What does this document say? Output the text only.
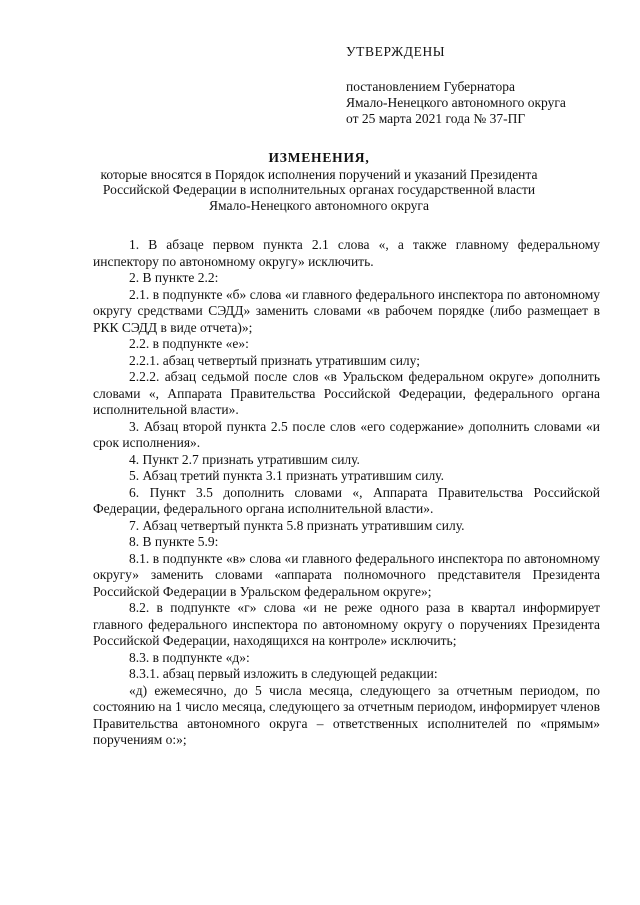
УТВЕРЖДЕНЫ
постановлением Губернатора
Ямало-Ненецкого автономного округа
от 25 марта 2021 года № 37-ПГ
ИЗМЕНЕНИЯ,
которые вносятся в Порядок исполнения поручений и указаний Президента
Российской Федерации в исполнительных органах государственной власти
Ямало-Ненецкого автономного округа

1. В абзаце первом пункта 2.1 слова «, а также главному федеральному инспектору по автономному округу» исключить.

2. В пункте 2.2:

2.1. в подпункте «б» слова «и главного федерального инспектора по автономному округу средствами СЭДД» заменить словами «в рабочем порядке (либо размещает в РКК СЭДД в виде отчета)»;

2.2. в подпункте «е»:

2.2.1. абзац четвертый признать утратившим силу;

2.2.2. абзац седьмой после слов «в Уральском федеральном округе» дополнить словами «, Аппарата Правительства Российской Федерации, федерального органа исполнительной власти».

3. Абзац второй пункта 2.5 после слов «его содержание» дополнить словами «и срок исполнения».

4. Пункт 2.7 признать утратившим силу.

5. Абзац третий пункта 3.1 признать утратившим силу.

6. Пункт 3.5 дополнить словами «, Аппарата Правительства Российской Федерации, федерального органа исполнительной власти».

7. Абзац четвертый пункта 5.8 признать утратившим силу.

8. В пункте 5.9:

8.1. в подпункте «в» слова «и главного федерального инспектора по автономному округу» заменить словами «аппарата полномочного представителя Президента Российской Федерации в Уральском федеральном округе»;

8.2. в подпункте «г» слова «и не реже одного раза в квартал информирует главного федерального инспектора по автономному округу о поручениях Президента Российской Федерации, находящихся на контроле» исключить;

8.3. в подпункте «д»:

8.3.1. абзац первый изложить в следующей редакции:

«д) ежемесячно, до 5 числа месяца, следующего за отчетным периодом, по состоянию на 1 число месяца, следующего за отчетным периодом, информирует членов Правительства автономного округа – ответственных исполнителей по «прямым» поручениям о:»;
